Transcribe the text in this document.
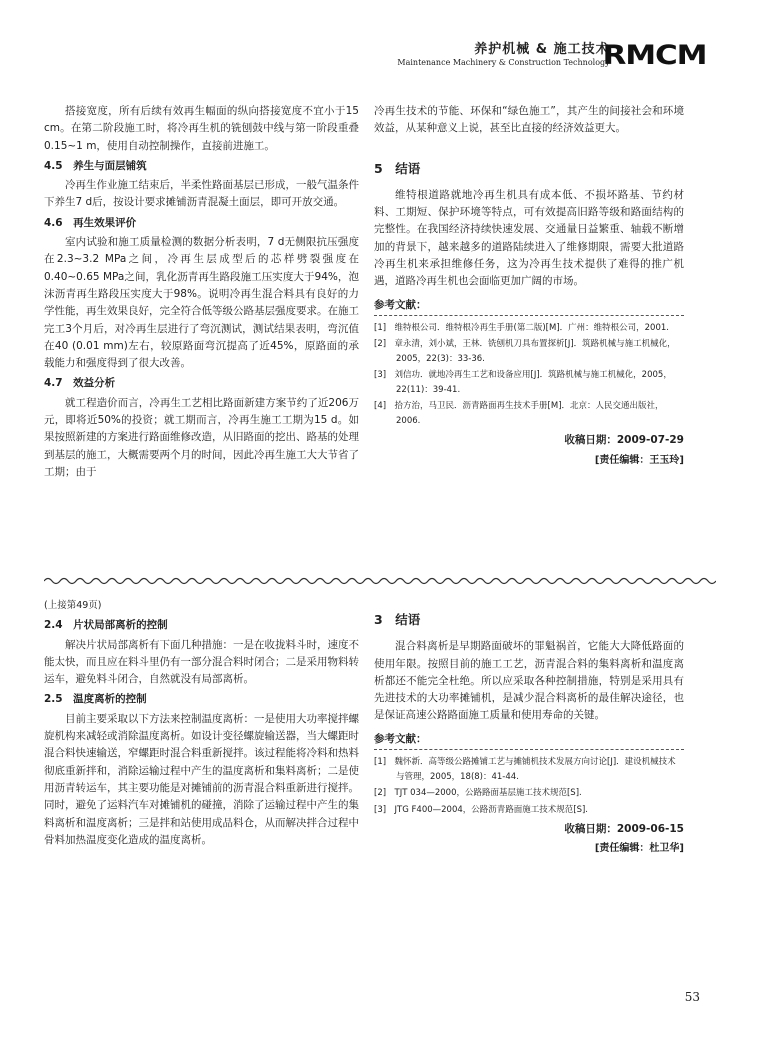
养护机械 & 施工技术
Maintenance Machinery & Construction Technology
RMCM

搭接宽度，所有后续有效再生幅面的纵向搭接宽度不宜小于15 cm。在第二阶段施工时，将冷再生机的铣刨鼓中线与第一阶段重叠0.15~1 m，使用自动控制操作，直接前进施工。

4.5　养生与面层铺筑

冷再生作业施工结束后，半柔性路面基层已形成，一般气温条件下养生7 d后，按设计要求摊铺沥青混凝土面层，即可开放交通。

4.6　再生效果评价

室内试验和施工质量检测的数据分析表明，7 d无侧限抗压强度在2.3~3.2 MPa之间，冷再生层成型后的芯样劈裂强度在0.40~0.65 MPa之间，乳化沥青再生路段施工压实度大于94%，泡沫沥青再生路段压实度大于98%。说明冷再生混合料具有良好的力学性能，再生效果良好，完全符合低等级公路基层强度要求。在施工完工3个月后，对冷再生层进行了弯沉测试，测试结果表明，弯沉值在40 (0.01 mm)左右，较原路面弯沉提高了近45%，原路面的承载能力和强度得到了很大改善。

4.7　效益分析

就工程造价而言，冷再生工艺相比路面新建方案节约了近206万元，即将近50%的投资；就工期而言，冷再生施工工期为15 d。如果按照新建的方案进行路面维修改造，从旧路面的挖出、路基的处理到基层的施工，大概需要两个月的时间，因此冷再生施工大大节省了工期；由于

冷再生技术的节能、环保和“绿色施工”，其产生的间接社会和环境效益，从某种意义上说，甚至比直接的经济效益更大。

5　结语

维特根道路就地冷再生机具有成本低、不损坏路基、节约材料、工期短、保护环境等特点，可有效提高旧路等级和路面结构的完整性。在我国经济持续快速发展、交通量日益繁重、轴载不断增加的背景下，越来越多的道路陆续进入了维修期限，需要大批道路冷再生机来承担维修任务，这为冷再生技术提供了难得的推广机遇，道路冷再生机也会面临更加广阔的市场。

参考文献：
[1]　维特根公司．维特根冷再生手册(第二版)[M]．广州：维特根公司，2001.
[2]　章永清，刘小斌，王林．铣刨机刀具布置探析[J]．筑路机械与施工机械化，2005，22(3)：33-36.
[3]　刘信功．就地冷再生工艺和设备应用[J]．筑路机械与施工机械化，2005，22(11)：39-41.
[4]　拾方治，马卫民．沥青路面再生技术手册[M]．北京：人民交通出版社，2006.
收稿日期：2009-07-29
[责任编辑：王玉玲]
(上接第49页)
2.4　片状局部离析的控制

解决片状局部离析有下面几种措施：一是在收拢料斗时，速度不能太快，而且应在料斗里仍有一部分混合料时闭合；二是采用物料转运车，避免料斗闭合，自然就没有局部离析。

2.5　温度离析的控制

目前主要采取以下方法来控制温度离析：一是使用大功率搅拌螺旋机构来减轻或消除温度离析。如设计变径螺旋输送器，当大螺距时混合料快速输送，窄螺距时混合料重新搅拌。该过程能将冷料和热料彻底重新拌和，消除运输过程中产生的温度离析和集料离析；二是使用沥青转运车，其主要功能是对摊铺前的沥青混合料重新进行搅拌。同时，避免了运料汽车对摊铺机的碰撞，消除了运输过程中产生的集料离析和温度离析；三是拌和站使用成品料仓，从而解决拌合过程中骨料加热温度变化造成的温度离析。

3　结语

混合料离析是早期路面破坏的罪魁祸首，它能大大降低路面的使用年限。按照目前的施工工艺，沥青混合料的集料离析和温度离析都还不能完全杜绝。所以应采取各种控制措施，特别是采用具有先进技术的大功率摊铺机，是减少混合料离析的最佳解决途径，也是保证高速公路路面施工质量和使用寿命的关键。

参考文献：
[1]　魏怀新．高等级公路摊铺工艺与摊铺机技术发展方向讨论[J]．建设机械技术与管理，2005，18(8)：41-44.
[2]　TJT 034—2000，公路路面基层施工技术规范[S].
[3]　JTG F400—2004，公路沥青路面施工技术规范[S].
收稿日期：2009-06-15
[责任编辑：杜卫华]
53
